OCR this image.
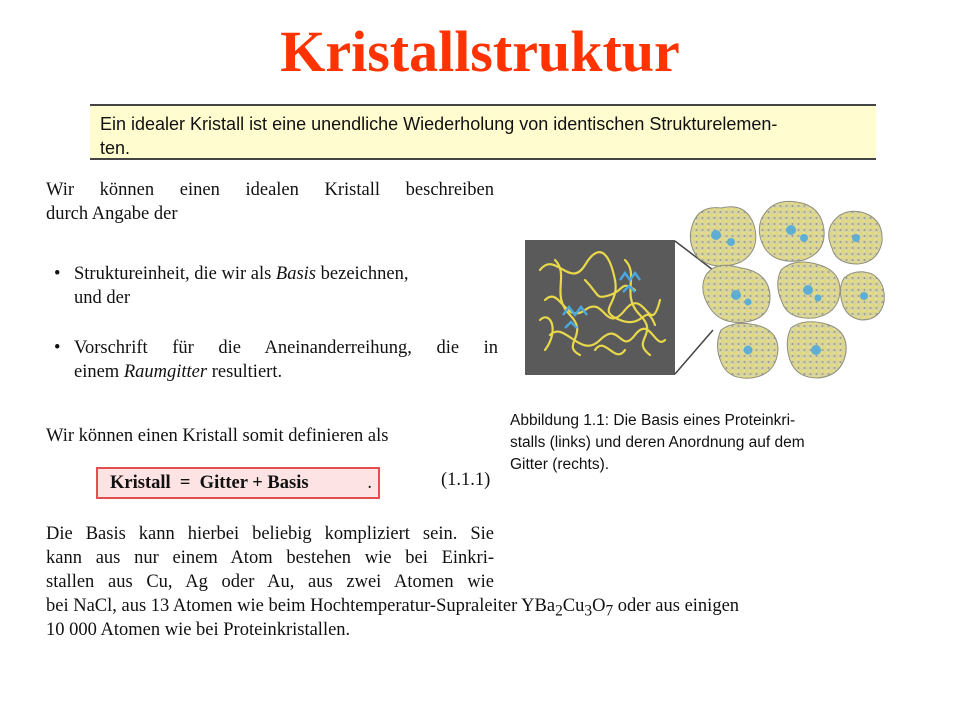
Kristallstruktur
Ein idealer Kristall ist eine unendliche Wiederholung von identischen Strukturelemen-
ten.
Wir können einen idealen Kristall beschreiben
durch Angabe der
• Struktureinheit, die wir als Basis bezeichnen,
und der
• Vorschrift für die Aneinanderreihung, die in
einem Raumgitter resultiert.
Wir können einen Kristall somit definieren als
Kristall  =  Gitter + Basis	.	(1.1.1)
Abbildung 1.1: Die Basis eines Proteinkri-
stalls (links) und deren Anordnung auf dem
Gitter (rechts).
Die Basis kann hierbei beliebig kompliziert sein. Sie
kann aus nur einem Atom bestehen wie bei Einkri-
stallen aus Cu, Ag oder Au, aus zwei Atomen wie
bei NaCl, aus 13 Atomen wie beim Hochtemperatur-Supraleiter $YBa_2Cu_3O_7$ oder aus einigen
10 000 Atomen wie bei Proteinkristallen.
